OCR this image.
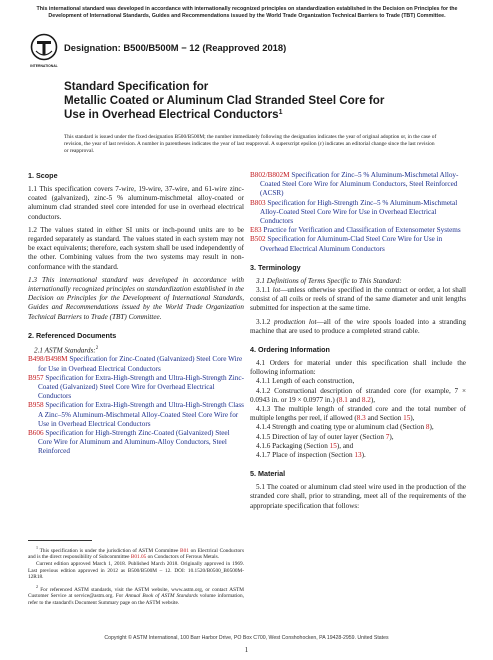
This international standard was developed in accordance with internationally recognized principles on standardization established in the Decision on Principles for the Development of International Standards, Guides and Recommendations issued by the World Trade Organization Technical Barriers to Trade (TBT) Committee.
INTERNATIONAL
Designation: B500/B500M − 12 (Reapproved 2018)
Standard Specification for
Metallic Coated or Aluminum Clad Stranded Steel Core for
Use in Overhead Electrical Conductors$^1$
This standard is issued under the fixed designation B500/B500M; the number immediately following the designation indicates the year of original adoption or, in the case of revision, the year of last revision. A number in parentheses indicates the year of last reapproval. A superscript epsilon (ε) indicates an editorial change since the last revision or reapproval.
1. Scope

1.1 This specification covers 7-wire, 19-wire, 37-wire, and 61-wire zinc-coated (galvanized), zinc-5 % aluminum-mischmetal alloy-coated or aluminum clad stranded steel core intended for use in overhead electrical conductors.

1.2 The values stated in either SI units or inch-pound units are to be regarded separately as standard. The values stated in each system may not be exact equivalents; therefore, each system shall be used independently of the other. Combining values from the two systems may result in non-conformance with the standard.

1.3 This international standard was developed in accordance with internationally recognized principles on standardization established in the Decision on Principles for the Development of International Standards, Guides and Recommendations issued by the World Trade Organization Technical Barriers to Trade (TBT) Committee.

2. Referenced Documents

2.1 ASTM Standards:$^2$

B498/B498M Specification for Zinc-Coated (Galvanized) Steel Core Wire for Use in Overhead Electrical Conductors
B957 Specification for Extra-High-Strength and Ultra-High-Strength Zinc-Coated (Galvanized) Steel Core Wire for Overhead Electrical Conductors
B958 Specification for Extra-High-Strength and Ultra-High-Strength Class A Zinc–5% Aluminum-Mischmetal Alloy-Coated Steel Core Wire for Use in Overhead Electrical Conductors
B606 Specification for High-Strength Zinc-Coated (Galvanized) Steel Core Wire for Aluminum and Aluminum-Alloy Conductors, Steel Reinforced

$^1$ This specification is under the jurisdiction of ASTM Committee B01 on Electrical Conductors and is the direct responsibility of Subcommittee B01.05 on Conductors of Ferrous Metals.

Current edition approved March 1, 2018. Published March 2018. Originally approved in 1969. Last previous edition approved in 2012 as B500/B500M – 12. DOI: 10.1520/B0500_B0500M-12R18.

$^2$ For referenced ASTM standards, visit the ASTM website, www.astm.org, or contact ASTM Customer Service at service@astm.org. For Annual Book of ASTM Standards volume information, refer to the standard's Document Summary page on the ASTM website.

B802/B802M Specification for Zinc–5 % Aluminum-Mischmetal Alloy-Coated Steel Core Wire for Aluminum Conductors, Steel Reinforced (ACSR)
B803 Specification for High-Strength Zinc–5 % Aluminum-Mischmetal Alloy-Coated Steel Core Wire for Use in Overhead Electrical Conductors
E83 Practice for Verification and Classification of Extensometer Systems
B502 Specification for Aluminum-Clad Steel Core Wire for Use in Overhead Electrical Aluminum Conductors
3. Terminology

3.1 Definitions of Terms Specific to This Standard:

3.1.1 lot—unless otherwise specified in the contract or order, a lot shall consist of all coils or reels of strand of the same diameter and unit lengths submitted for inspection at the same time.

3.1.2 production lot—all of the wire spools loaded into a stranding machine that are used to produce a completed strand cable.

4. Ordering Information

4.1 Orders for material under this specification shall include the following information:

4.1.1 Length of each construction,

4.1.2 Constructional description of stranded core (for example, 7 × 0.0943 in. or 19 × 0.0977 in.) (8.1 and 8.2),

4.1.3 The multiple length of stranded core and the total number of multiple lengths per reel, if allowed (8.3 and Section 15),

4.1.4 Strength and coating type or aluminum clad (Section 8),

4.1.5 Direction of lay of outer layer (Section 7),

4.1.6 Packaging (Section 15), and

4.1.7 Place of inspection (Section 13).

5. Material

5.1 The coated or aluminum clad steel wire used in the production of the stranded core shall, prior to stranding, meet all of the requirements of the appropriate specification that follows:

Copyright © ASTM International, 100 Barr Harbor Drive, PO Box C700, West Conshohocken, PA 19428-2959. United States
1
